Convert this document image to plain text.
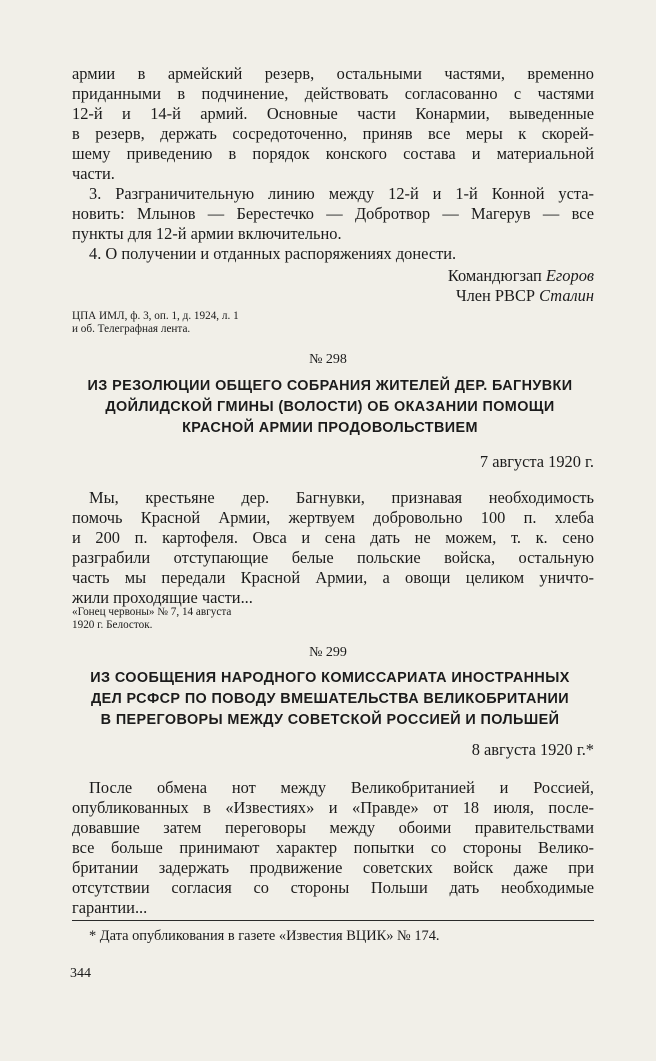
армии в армейский резерв, остальными частями, временно
приданными в подчинение, действовать согласованно с частями
12-й и 14-й армий. Основные части Конармии, выведенные
в резерв, держать сосредоточенно, приняв все меры к скорей-
шему приведению в порядок конского состава и материальной
части.
3. Разграничительную линию между 12-й и 1-й Конной уста-
новить: Млынов — Берестечко — Добротвор — Магерув — все
пункты для 12-й армии включительно.
4. О получении и отданных распоряжениях донести.
Командюгзап Егоров
Член РВСР Сталин
ЦПА ИМЛ, ф. 3, оп. 1, д. 1924, л. 1
и об. Телеграфная лента.
№ 298
ИЗ РЕЗОЛЮЦИИ ОБЩЕГО СОБРАНИЯ ЖИТЕЛЕЙ ДЕР. БАГНУВКИ
ДОЙЛИДСКОЙ ГМИНЫ (ВОЛОСТИ) ОБ ОКАЗАНИИ ПОМОЩИ
КРАСНОЙ АРМИИ ПРОДОВОЛЬСТВИЕМ
7 августа 1920 г.
Мы, крестьяне дер. Багнувки, признавая необходимость
помочь Красной Армии, жертвуем добровольно 100 п. хлеба
и 200 п. картофеля. Овса и сена дать не можем, т. к. сено
разграбили отступающие белые польские войска, остальную
часть мы передали Красной Армии, а овощи целиком уничто-
жили проходящие части...
«Гонец червоны» № 7, 14 августа
1920 г. Белосток.
№ 299
ИЗ СООБЩЕНИЯ НАРОДНОГО КОМИССАРИАТА ИНОСТРАННЫХ
ДЕЛ РСФСР ПО ПОВОДУ ВМЕШАТЕЛЬСТВА ВЕЛИКОБРИТАНИИ
В ПЕРЕГОВОРЫ МЕЖДУ СОВЕТСКОЙ РОССИЕЙ И ПОЛЬШЕЙ
8 августа 1920 г.*
После обмена нот между Великобританией и Россией,
опубликованных в «Известиях» и «Правде» от 18 июля, после-
довавшие затем переговоры между обоими правительствами
все больше принимают характер попытки со стороны Велико-
британии задержать продвижение советских войск даже при
отсутствии согласия со стороны Польши дать необходимые
гарантии...
* Дата опубликования в газете «Известия ВЦИК» № 174.
344
